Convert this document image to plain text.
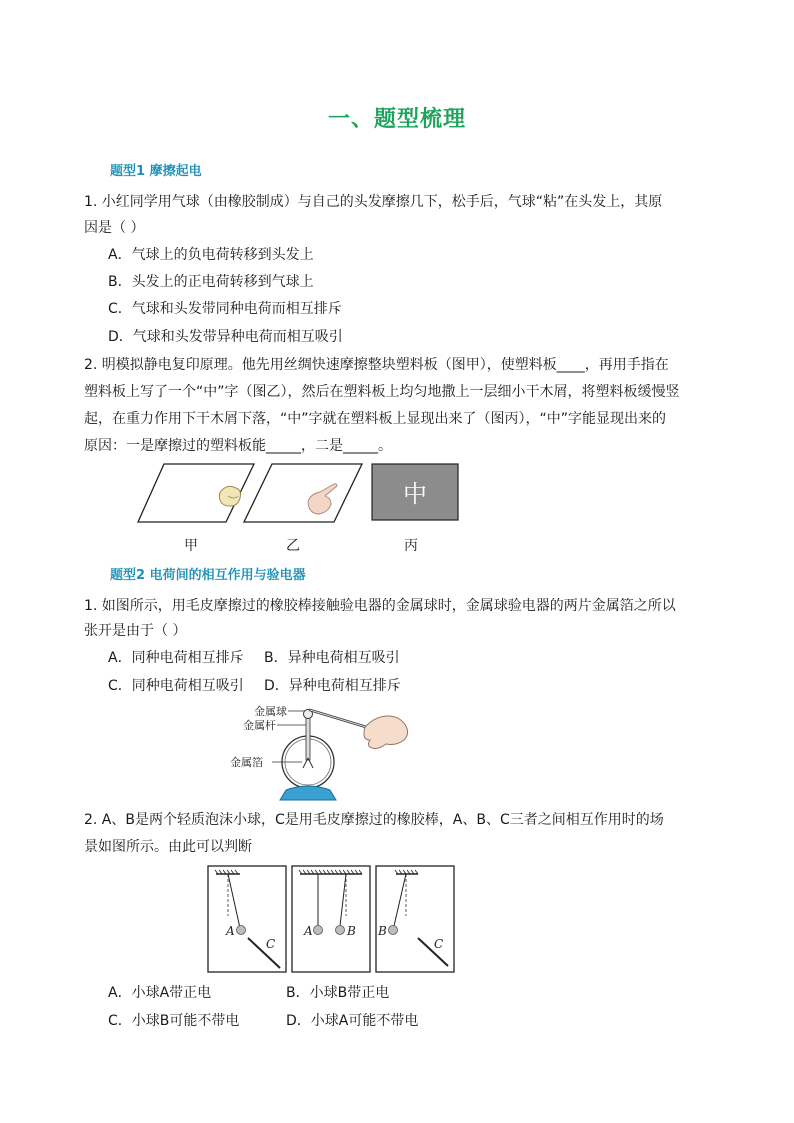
一、题型梳理
题型1 摩擦起电
1. 小红同学用气球（由橡胶制成）与自己的头发摩擦几下，松手后，气球“粘”在头发上，其原
因是（ ）
A．气球上的负电荷转移到头发上
B．头发上的正电荷转移到气球上
C．气球和头发带同种电荷而相互排斥
D．气球和头发带异种电荷而相互吸引
2. 明模拟静电复印原理。他先用丝绸快速摩擦整块塑料板（图甲），使塑料板____，再用手指在
塑料板上写了一个“中”字（图乙），然后在塑料板上均匀地撒上一层细小干木屑，将塑料板缓慢竖
起，在重力作用下干木屑下落，“中”字就在塑料板上显现出来了（图丙），“中”字能显现出来的
原因：一是摩擦过的塑料板能_____，二是_____。
中
甲	乙	丙
题型2 电荷间的相互作用与验电器
1. 如图所示，用毛皮摩擦过的橡胶棒接触验电器的金属球时，金属球验电器的两片金属箔之所以
张开是由于（ ）
A．同种电荷相互排斥 B．异种电荷相互吸引
C．同种电荷相互吸引 D．异种电荷相互排斥
金属球
金属杆
金属箔
2. A、B是两个轻质泡沫小球，C是用毛皮摩擦过的橡胶棒，A、B、C三者之间相互作用时的场
景如图所示。由此可以判断
A
C
A	B B
C
A．小球A带正电	B．小球B带正电
C．小球B可能不带电	D．小球A可能不带电
